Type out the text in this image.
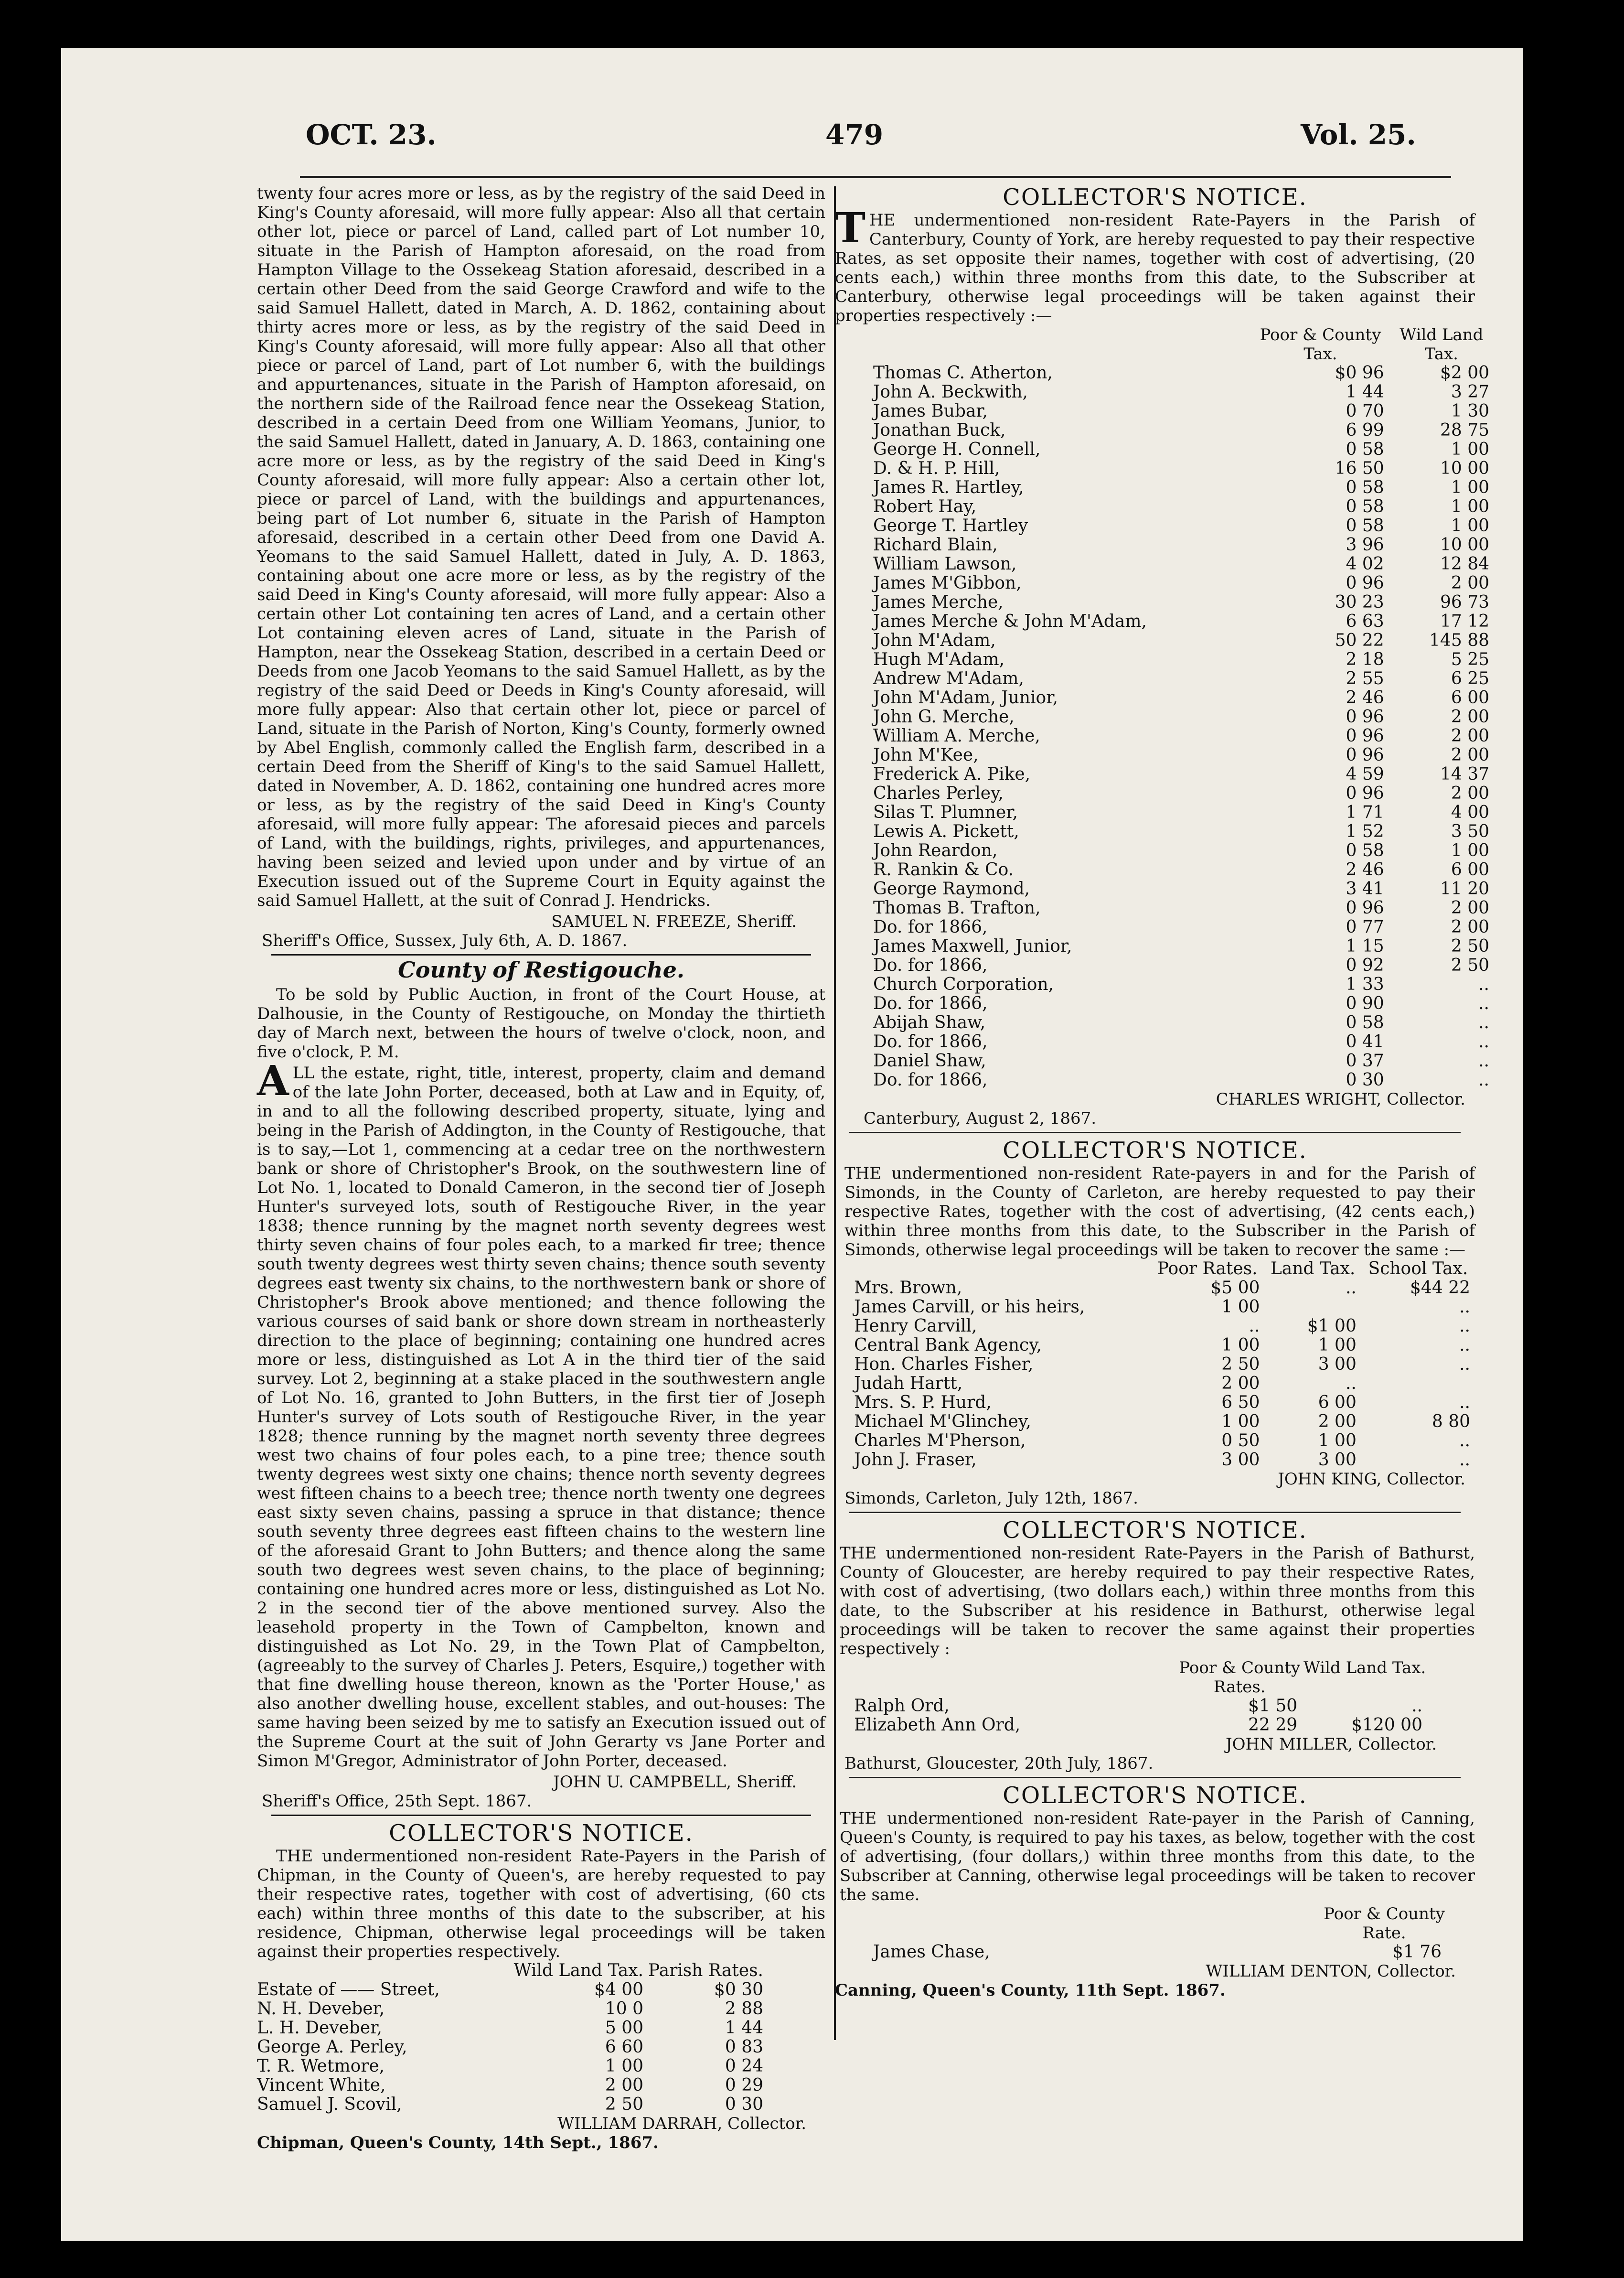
OCT. 23.	479	Vol. 25.

twenty four acres more or less, as by the registry of the said Deed in King's County aforesaid, will more fully appear: Also all that certain other lot, piece or parcel of Land, called part of Lot number 10, situate in the Parish of Hampton aforesaid, on the road from Hampton Village to the Ossekeag Station aforesaid, described in a certain other Deed from the said George Crawford and wife to the said Samuel Hallett, dated in March, A. D. 1862, containing about thirty acres more or less, as by the registry of the said Deed in King's County aforesaid, will more fully appear: Also all that other piece or parcel of Land, part of Lot number 6, with the buildings and appurtenances, situate in the Parish of Hampton aforesaid, on the northern side of the Railroad fence near the Ossekeag Station, described in a certain Deed from one William Yeomans, Junior, to the said Samuel Hallett, dated in January, A. D. 1863, containing one acre more or less, as by the registry of the said Deed in King's County aforesaid, will more fully appear: Also a certain other lot, piece or parcel of Land, with the buildings and appurtenances, being part of Lot number 6, situate in the Parish of Hampton aforesaid, described in a certain other Deed from one David A. Yeomans to the said Samuel Hallett, dated in July, A. D. 1863, containing about one acre more or less, as by the registry of the said Deed in King's County aforesaid, will more fully appear: Also a certain other Lot containing ten acres of Land, and a certain other Lot containing eleven acres of Land, situate in the Parish of Hampton, near the Ossekeag Station, described in a certain Deed or Deeds from one Jacob Yeomans to the said Samuel Hallett, as by the registry of the said Deed or Deeds in King's County aforesaid, will more fully appear: Also that certain other lot, piece or parcel of Land, situate in the Parish of Norton, King's County, formerly owned by Abel English, commonly called the English farm, described in a certain Deed from the Sheriff of King's to the said Samuel Hallett, dated in November, A. D. 1862, containing one hundred acres more or less, as by the registry of the said Deed in King's County aforesaid, will more fully appear: The aforesaid pieces and parcels of Land, with the buildings, rights, privileges, and appurtenances, having been seized and levied upon under and by virtue of an Execution issued out of the Supreme Court in Equity against the said Samuel Hallett, at the suit of Conrad J. Hendricks.

SAMUEL N. FREEZE, Sheriff.

Sheriff's Office, Sussex, July 6th, A. D. 1867.

County of Restigouche.

To be sold by Public Auction, in front of the Court House, at Dalhousie, in the County of Restigouche, on Monday the thirtieth day of March next, between the hours of twelve o'clock, noon, and five o'clock, P. M.

ALL the estate, right, title, interest, property, claim and demand of the late John Porter, deceased, both at Law and in Equity, of, in and to all the following described property, situate, lying and being in the Parish of Addington, in the County of Restigouche, that is to say,—Lot 1, commencing at a cedar tree on the northwestern bank or shore of Christopher's Brook, on the southwestern line of Lot No. 1, located to Donald Cameron, in the second tier of Joseph Hunter's surveyed lots, south of Restigouche River, in the year 1838; thence running by the magnet north seventy degrees west thirty seven chains of four poles each, to a marked fir tree; thence south twenty degrees west thirty seven chains; thence south seventy degrees east twenty six chains, to the northwestern bank or shore of Christopher's Brook above mentioned; and thence following the various courses of said bank or shore down stream in northeasterly direction to the place of beginning; containing one hundred acres more or less, distinguished as Lot A in the third tier of the said survey. Lot 2, beginning at a stake placed in the southwestern angle of Lot No. 16, granted to John Butters, in the first tier of Joseph Hunter's survey of Lots south of Restigouche River, in the year 1828; thence running by the magnet north seventy three degrees west two chains of four poles each, to a pine tree; thence south twenty degrees west sixty one chains; thence north seventy degrees west fifteen chains to a beech tree; thence north twenty one degrees east sixty seven chains, passing a spruce in that distance; thence south seventy three degrees east fifteen chains to the western line of the aforesaid Grant to John Butters; and thence along the same south two degrees west seven chains, to the place of beginning; containing one hundred acres more or less, distinguished as Lot No. 2 in the second tier of the above mentioned survey. Also the leasehold property in the Town of Campbelton, known and distinguished as Lot No. 29, in the Town Plat of Campbelton, (agreeably to the survey of Charles J. Peters, Esquire,) together with that fine dwelling house thereon, known as the 'Porter House,' as also another dwelling house, excellent stables, and out-houses: The same having been seized by me to satisfy an Execution issued out of the Supreme Court at the suit of John Gerarty vs Jane Porter and Simon M'Gregor, Administrator of John Porter, deceased.

JOHN U. CAMPBELL, Sheriff.

Sheriff's Office, 25th Sept. 1867.

COLLECTOR'S NOTICE.

THE undermentioned non-resident Rate-Payers in the Parish of Chipman, in the County of Queen's, are hereby requested to pay their respective rates, together with cost of advertising, (60 cts each) within three months of this date to the subscriber, at his residence, Chipman, otherwise legal proceedings will be taken against their properties respectively.

	Wild Land Tax.	Parish Rates.
Estate of —— Street,	$4 00	$0 30
N. H. Deveber,	10 0	2 88
L. H. Deveber,	5 00	1 44
George A. Perley,	6 60	0 83
T. R. Wetmore,	1 00	0 24
Vincent White,	2 00	0 29
Samuel J. Scovil,	2 50	0 30

WILLIAM DARRAH, Collector.

Chipman, Queen's County, 14th Sept., 1867.

COLLECTOR'S NOTICE.

THE undermentioned non-resident Rate-Payers in the Parish of Canterbury, County of York, are hereby requested to pay their respective Rates, as set opposite their names, together with cost of advertising, (20 cents each,) within three months from this date, to the Subscriber at Canterbury, otherwise legal proceedings will be taken against their properties respectively :—

	Poor & County Tax.	Wild Land Tax.
Thomas C. Atherton,	$0 96	$2 00
John A. Beckwith,	1 44	3 27
James Bubar,	0 70	1 30
Jonathan Buck,	6 99	28 75
George H. Connell,	0 58	1 00
D. & H. P. Hill,	16 50	10 00
James R. Hartley,	0 58	1 00
Robert Hay,	0 58	1 00
George T. Hartley	0 58	1 00
Richard Blain,	3 96	10 00
William Lawson,	4 02	12 84
James M'Gibbon,	0 96	2 00
James Merche,	30 23	96 73
James Merche & John M'Adam,	6 63	17 12
John M'Adam,	50 22	145 88
Hugh M'Adam,	2 18	5 25
Andrew M'Adam,	2 55	6 25
John M'Adam, Junior,	2 46	6 00
John G. Merche,	0 96	2 00
William A. Merche,	0 96	2 00
John M'Kee,	0 96	2 00
Frederick A. Pike,	4 59	14 37
Charles Perley,	0 96	2 00
Silas T. Plumner,	1 71	4 00
Lewis A. Pickett,	1 52	3 50
John Reardon,	0 58	1 00
R. Rankin & Co.	2 46	6 00
George Raymond,	3 41	11 20
Thomas B. Trafton,	0 96	2 00
Do. for 1866,	0 77	2 00
James Maxwell, Junior,	1 15	2 50
Do. for 1866,	0 92	2 50
Church Corporation,	1 33	..
Do. for 1866,	0 90	..
Abijah Shaw,	0 58	..
Do. for 1866,	0 41	..
Daniel Shaw,	0 37	..
Do. for 1866,	0 30	..

CHARLES WRIGHT, Collector.

Canterbury, August 2, 1867.

COLLECTOR'S NOTICE.

THE undermentioned non-resident Rate-payers in and for the Parish of Simonds, in the County of Carleton, are hereby requested to pay their respective Rates, together with the cost of advertising, (42 cents each,) within three months from this date, to the Subscriber in the Parish of Simonds, otherwise legal proceedings will be taken to recover the same :—

	Poor Rates.	Land Tax.	School Tax.
Mrs. Brown,	$5 00	..	$44 22
James Carvill, or his heirs,	1 00		..
Henry Carvill,	..	$1 00	..
Central Bank Agency,	1 00	1 00	..
Hon. Charles Fisher,	2 50	3 00	..
Judah Hartt,	2 00	..	
Mrs. S. P. Hurd,	6 50	6 00	..
Michael M'Glinchey,	1 00	2 00	8 80
Charles M'Pherson,	0 50	1 00	..
John J. Fraser,	3 00	3 00	..

JOHN KING, Collector.

Simonds, Carleton, July 12th, 1867.

COLLECTOR'S NOTICE.

THE undermentioned non-resident Rate-Payers in the Parish of Bathurst, County of Gloucester, are hereby required to pay their respective Rates, with cost of advertising, (two dollars each,) within three months from this date, to the Subscriber at his residence in Bathurst, otherwise legal proceedings will be taken to recover the same against their properties respectively :

	Poor & County Rates.	Wild Land Tax.
Ralph Ord,	$1 50	..
Elizabeth Ann Ord,	22 29	$120 00

JOHN MILLER, Collector.

Bathurst, Gloucester, 20th July, 1867.

COLLECTOR'S NOTICE.

THE undermentioned non-resident Rate-payer in the Parish of Canning, Queen's County, is required to pay his taxes, as below, together with the cost of advertising, (four dollars,) within three months from this date, to the Subscriber at Canning, otherwise legal proceedings will be taken to recover the same.

Poor & County Rate.

James Chase,	$1 76

WILLIAM DENTON, Collector.

Canning, Queen's County, 11th Sept. 1867.
